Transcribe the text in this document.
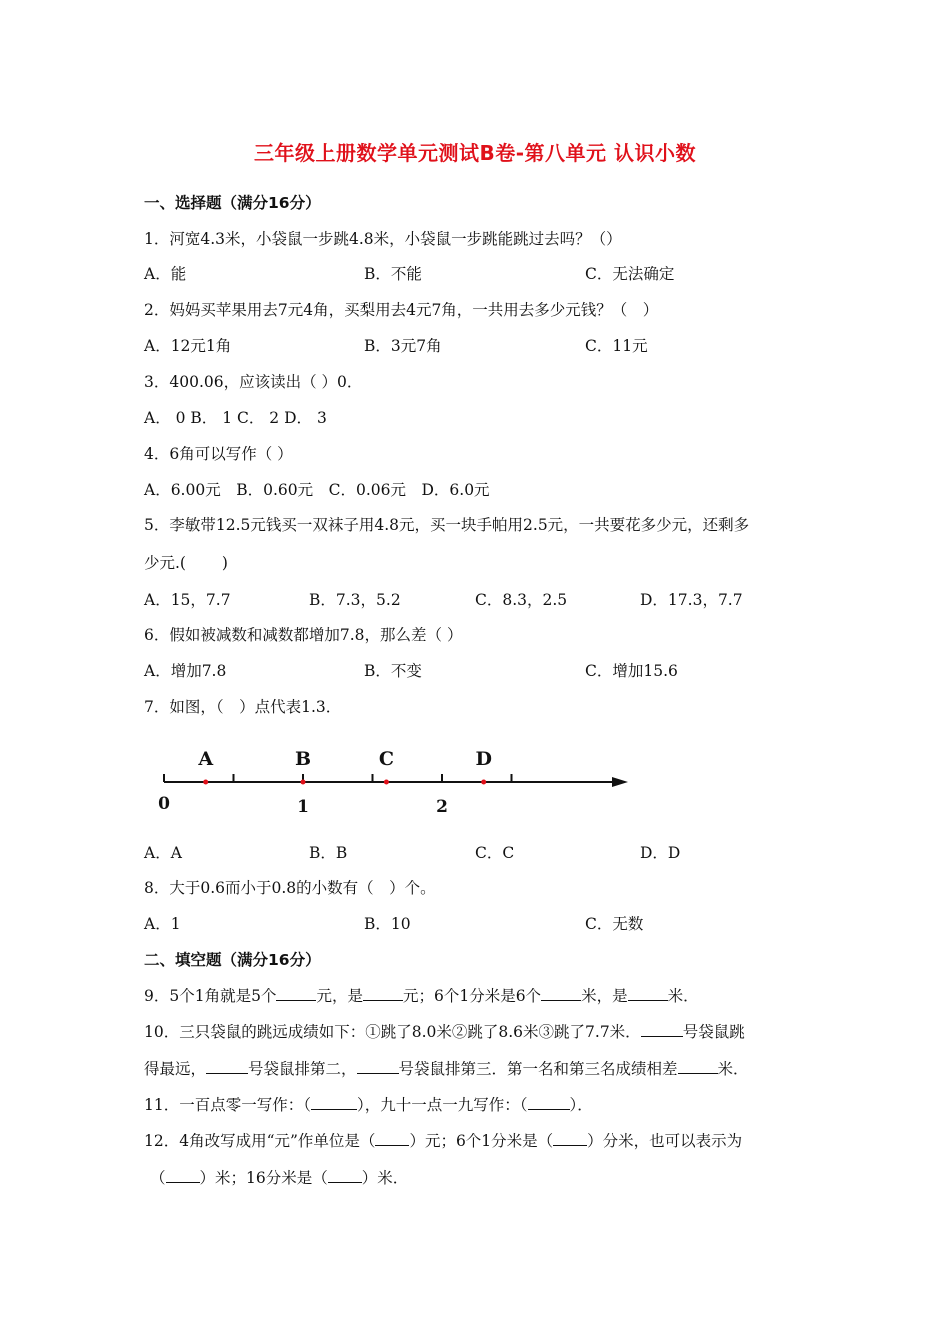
三年级上册数学单元测试B卷-第八单元 认识小数
一、选择题（满分16分）
1．河宽4.3米，小袋鼠一步跳4.8米，小袋鼠一步跳能跳过去吗？（）
A．能	B．不能	C．无法确定
2．妈妈买苹果用去7元4角，买梨用去4元7角，一共用去多少元钱？（　）
A．12元1角	B．3元7角	C．11元
3．400.06，应该读出（ ）0．
A． 0 B． 1 C． 2 D． 3
4．6角可以写作（ ）
A．6.00元　B．0.60元　C．0.06元　D．6.0元
5．李敏带12.5元钱买一双袜子用4.8元，买一块手帕用2.5元，一共要花多少元，还剩多
少元.(　　 )
A．15，7.7	B．7.3，5.2	C．8.3，2.5	D．17.3，7.7
6．假如被减数和减数都增加7.8，那么差（ ）
A．增加7.8	B．不变	C．增加15.6
7．如图，（　）点代表1.3．
A	B	C	D
0	1	2
A．A	B．B	C．C	D．D
8．大于0.6而小于0.8的小数有（　）个。
A．1	B．10	C．无数
二、填空题（满分16分）
9．5个1角就是5个	元，是	元；6个1分米是6个	米，是	米．
10．三只袋鼠的跳远成绩如下：①跳了8.0米②跳了8.6米③跳了7.7米．	号袋鼠跳
得最远，	号袋鼠排第二，	号袋鼠排第三．第一名和第三名成绩相差	米．
11．一百点零一写作：（	），九十一点一九写作：（	）．
12．4角改写成用“元”作单位是（ ）元；6个1分米是（ ）分米，也可以表示为
（ ）米；16分米是（ ）米．
